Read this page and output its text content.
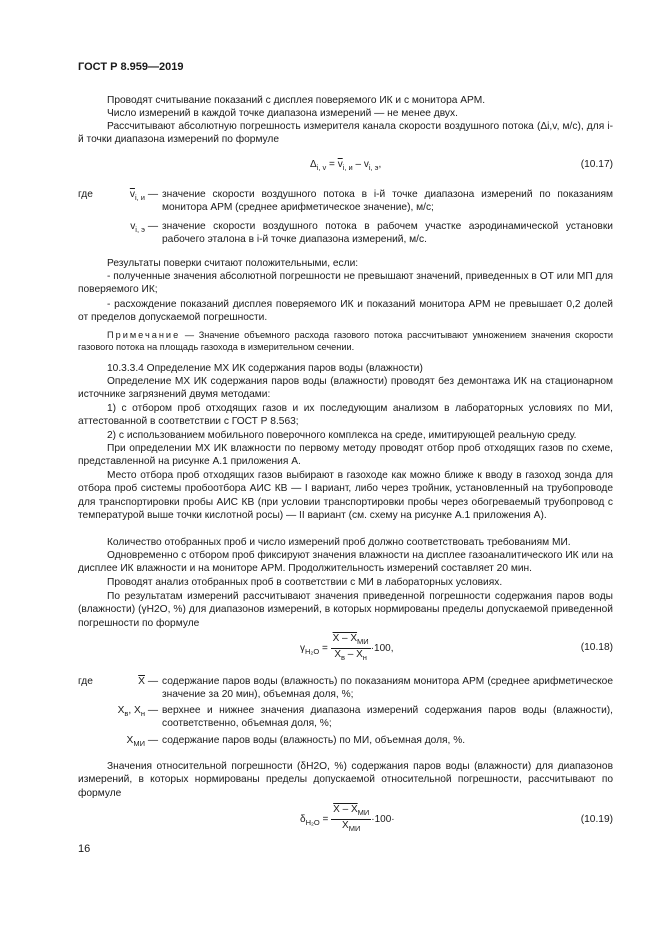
ГОСТ Р 8.959—2019
Проводят считывание показаний с дисплея поверяемого ИК и с монитора АРМ.
Число измерений в каждой точке диапазона измерений — не менее двух.
Рассчитывают абсолютную погрешность измерителя канала скорости воздушного потока (Δi,v, м/с), для i-й точки диапазона измерений по формуле
$\Delta_{i, v} = \overline{v}_{i, и} - v_{i, э}$,	(10.17)
где	$\overline{v}_{i, и}$ — значение скорости воздушного потока в i-й точке диапазона измерений по показаниям монитора АРМ (среднее арифметическое значение), м/с;
$v_{i, э}$ — значение скорости воздушного потока в рабочем участке аэродинамической установки рабочего эталона в i-й точке диапазона измерений, м/с.
Результаты поверки считают положительными, если:
- полученные значения абсолютной погрешности не превышают значений, приведенных в ОТ или МП для поверяемого ИК;
- расхождение показаний дисплея поверяемого ИК и показаний монитора АРМ не превышает 0,2 долей от пределов допускаемой погрешности.
Примечание — Значение объемного расхода газового потока рассчитывают умножением значения скорости газового потока на площадь газохода в измерительном сечении.
10.3.3.4 Определение МХ ИК содержания паров воды (влажности)
Определение МХ ИК содержания паров воды (влажности) проводят без демонтажа ИК на стационарном источнике загрязнений двумя методами:
1) с отбором проб отходящих газов и их последующим анализом в лабораторных условиях по МИ, аттестованной в соответствии с ГОСТ Р 8.563;
2) с использованием мобильного поверочного комплекса на среде, имитирующей реальную среду.
При определении МХ ИК влажности по первому методу проводят отбор проб отходящих газов по схеме, представленной на рисунке А.1 приложения А.
Место отбора проб отходящих газов выбирают в газоходе как можно ближе к вводу в газоход зонда для отбора проб системы пробоотбора АИС КВ — I вариант, либо через тройник, установленный на трубопроводе для транспортировки пробы АИС КВ (при условии транспортировки пробы через обогреваемый трубопровод с температурой выше точки кислотной росы) — II вариант (см. схему на рисунке А.1 приложения А).
Количество отобранных проб и число измерений проб должно соответствовать требованиям МИ.
Одновременно с отбором проб фиксируют значения влажности на дисплее газоаналитического ИК или на дисплее ИК влажности и на мониторе АРМ. Продолжительность измерений составляет 20 мин.
Проводят анализ отобранных проб в соответствии с МИ в лабораторных условиях.
По результатам измерений рассчитывают значения приведенной погрешности содержания паров воды (влажности) (γH2O, %) для диапазонов измерений, в которых нормированы пределы допускаемой приведенной погрешности по формуле
$\gamma_{H_2O} = \frac{X - X_{МИ}}{X_в - X_н} \cdot 100$,	(10.18)
где	$\overline{X}$ — содержание паров воды (влажность) по показаниям монитора АРМ (среднее арифметическое значение за 20 мин), объемная доля, %;
$X_в$, $X_н$ — верхнее и нижнее значения диапазона измерений содержания паров воды (влажности), соответственно, объемная доля, %;
$X_{МИ}$ — содержание паров воды (влажность) по МИ, объемная доля, %.
Значения относительной погрешности (δH2O, %) содержания паров воды (влажности) для диапазонов измерений, в которых нормированы пределы допускаемой относительной погрешности, рассчитывают по формуле
$\delta_{H_2O} = \frac{X - X_{МИ}}{X_{МИ}} \cdot 100\cdot$	(10.19)
16
